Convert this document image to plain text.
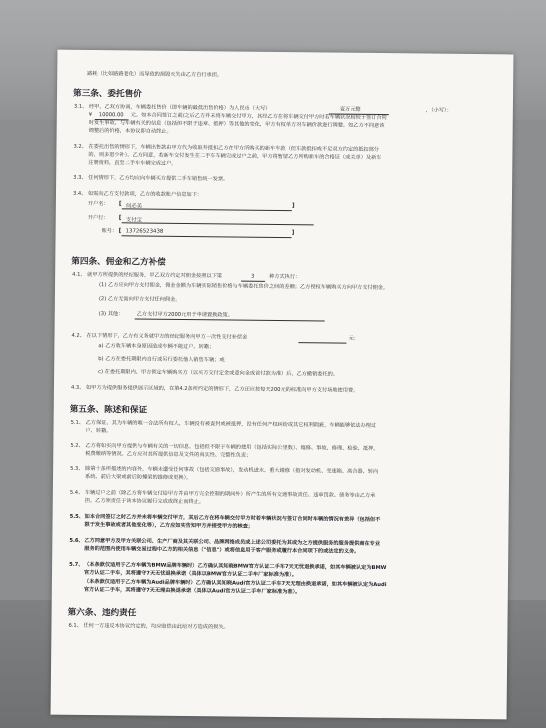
路耗（比如路路老化）而导致的损毁灭失由乙方自行承担。
第三条、委托售价
3.1、 经甲、乙双方协商，车辆委托售价（即车辆的最低出售价格）为人民币（大写）	壹万元整	，（小写）：
¥ 10000.00 元。如本合同签订之前/之后乙方并未将车辆交付甲方，其经乙方在将车辆交付甲方时若车辆状况相较于签订合同
时发生事故、与车辆有关的信息（包括但不限于违章、抵押）等其他的变化，甲方有权单方对车辆价款进行调整。如乙方不同意该
调整后的价格，本协议即自动终止。
3.2、 在委托出售的情形下，车辆出售款由甲方代为收取并抵扣乙方在甲方所购买的新车车款（但车款抵扣或不足双方约定的抵扣部分
的，则多退少补）。乙方同意，若新车交付发生在二手车车辆完成过户之前，甲方将暂留乙方所购新车的合格证（或关单）及新车
注册资料，直至二手车车辆完成过户。
3.3、 任何情形下，乙方均应向车辆买方提供二手车销售统一发票。
3.4、 如需向乙方支付款项，乙方的收款账户信息如下：
开户名： [ 何必美	]
开户行： [ 支付宝
账号： [ 13726523438	]
第四条、佣金和乙方补偿
4.1、 就甲方所提供的经纪服务，甲乙双方约定对佣金按照以下第	3	种方式执行：
(1) 乙方应向甲方支付佣金，佣金金额为车辆实际销售价格与车辆委托售价之间的差额；乙方授权车辆购买方向甲方支付佣金。
(2) 乙方无需向甲方支付任何佣金。
(3) 其他：	乙方支付甲方2000元用于申请置换政策。
4.2、 在以下情形下，乙方有义务就甲方的经纪服务向甲方一次性支付补偿金	元：
a) 乙方收车辆本身原因造成车辆不能过户、转籍；
b) 乙方在委托期限内自行或另行委托他人销售车辆；或
c) 在委托期限内、甲方锁定车辆购买方（以买方交付定金或意向金或首付款为准）后，乙方撤销委托的。
4.3、 如甲方为提供服务提供展示区域的，在第4.2条所约定的情形下，乙方还应按每天200元的标准向甲方支付场地使用费。
第五条、陈述和保证
5.1、 乙方保证，其为车辆的唯一合法所有权人，车辆没有被查封或被抵押，没有任何产权纠纷或其它权利瑕疵，车辆能够依法办理过
户、转籍。
5.2、 乙方将如实向甲方提供与车辆有关的一切信息，包括但不限于车辆的使用（包括实际公里数）、维修、事故、修理、检验、抵押、
税费缴纳等情况。乙方应对其所提供信息及文件的真实性、完整性负责；
5.3、 除第十条所描述的内容外，车辆未遭受任何事故（包括交通事故），发动机进水、重大维修（指对发动机、变速箱、离合器、转向
系统、前后大梁或前后防撞梁的维修或更换）。
5.4、 车辆过户之前（除乙方将车辆交付给甲方并由甲方完全控制的期间外）所产生的所有交通事故责任、违章罚款、债务等由乙方承
担。乙方须责任于该本协议履行完成或终止而终止。
5.5、 如本合同签订之时乙方并未将车辆交付甲方，其后乙方在将车辆交付甲方时若车辆状况与签订合同时车辆的情况有差异（包括但不
限于发生事故或者其他变化等），乙方应如实告知甲方并接受甲方的核查；
5.6、 乙方同意甲方及甲方关联公司、生产厂商及其关联公司、品牌网络成员或上述公司委托为其或为之方提供服务的服务提供商在专业
服务的范围内使用车辆交易过程中乙方的相关信息（"信息"）或将信息用于客户服务或履行本合同项下的或法定的义务。
5.7、 （本条款仅适用于乙方车辆为BMW品牌车辆时）乙方确认其知晓BMW官方认证二手车7天无忧退换承诺，如其车辆被认定为BMW
官方认证二手车，其将遵守7天无忧退换承诺（具体以BMW官方认证二手车厂家标准为准）。
（本条款仅适用于乙方车辆为Audi品牌车辆时）乙方确认其知晓Audi官方认证二手车7天无理由换退承诺，如其车辆被认定为Audi
官方认证二手车，其将遵守7天无理由换退承诺（具体以Audi官方认证二手车厂家标准为准）。
第六条、违约责任
6.1、 任何一方违反本协议约定的，均应赔偿由此给对方造成的损失。
